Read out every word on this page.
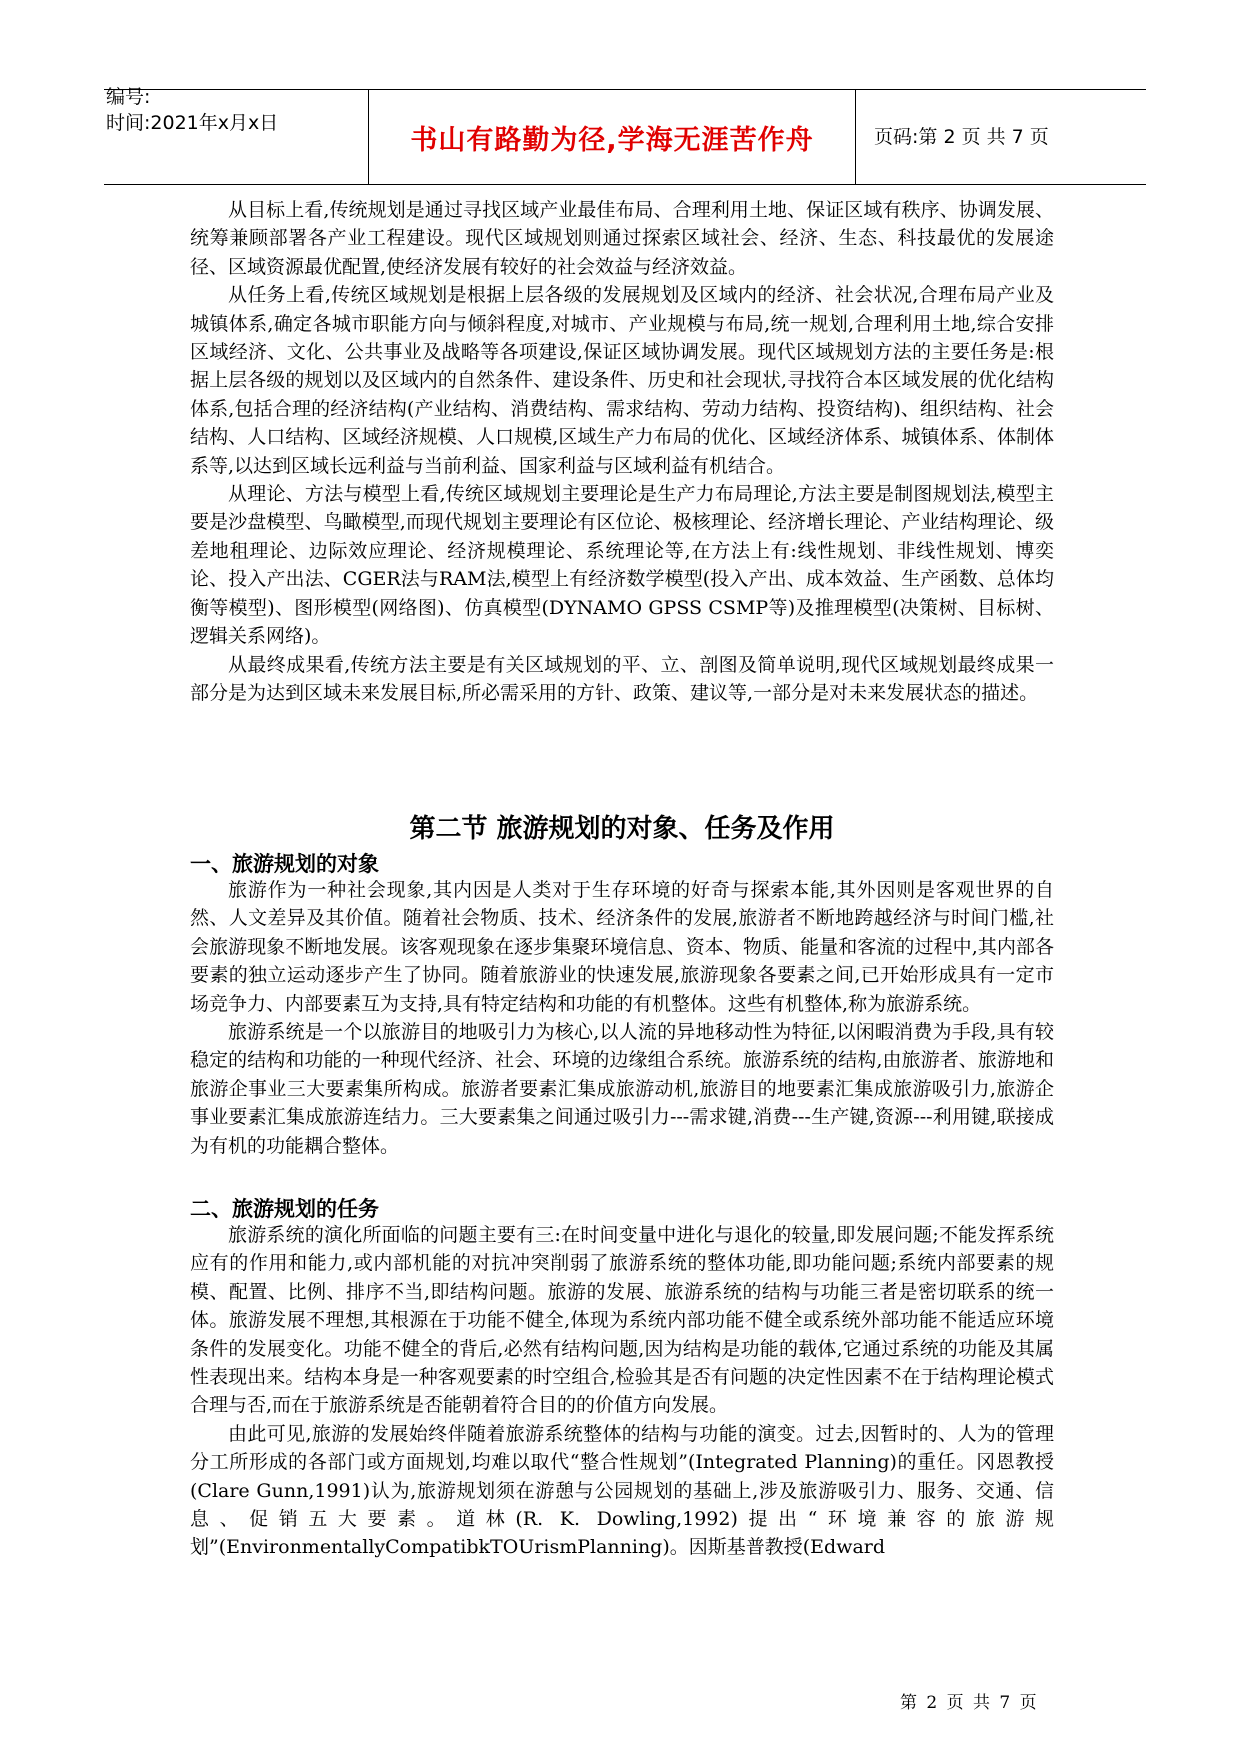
编号:
时间:2021年x月x日
书山有路勤为径,学海无涯苦作舟	页码:第 2 页 共 7 页

从目标上看,传统规划是通过寻找区域产业最佳布局、合理利用土地、保证区域有秩序、协调发展、统筹兼顾部署各产业工程建设。现代区域规划则通过探索区域社会、经济、生态、科技最优的发展途径、区域资源最优配置,使经济发展有较好的社会效益与经济效益。

从任务上看,传统区域规划是根据上层各级的发展规划及区域内的经济、社会状况,合理布局产业及城镇体系,确定各城市职能方向与倾斜程度,对城市、产业规模与布局,统一规划,合理利用土地,综合安排区域经济、文化、公共事业及战略等各项建设,保证区域协调发展。现代区域规划方法的主要任务是:根据上层各级的规划以及区域内的自然条件、建设条件、历史和社会现状,寻找符合本区域发展的优化结构体系,包括合理的经济结构(产业结构、消费结构、需求结构、劳动力结构、投资结构)、组织结构、社会结构、人口结构、区域经济规模、人口规模,区域生产力布局的优化、区域经济体系、城镇体系、体制体系等,以达到区域长远利益与当前利益、国家利益与区域利益有机结合。

从理论、方法与模型上看,传统区域规划主要理论是生产力布局理论,方法主要是制图规划法,模型主要是沙盘模型、鸟瞰模型,而现代规划主要理论有区位论、极核理论、经济增长理论、产业结构理论、级差地租理论、边际效应理论、经济规模理论、系统理论等,在方法上有:线性规划、非线性规划、博奕论、投入产出法、CGER法与RAM法,模型上有经济数学模型(投入产出、成本效益、生产函数、总体均衡等模型)、图形模型(网络图)、仿真模型(DYNAMO GPSS CSMP等)及推理模型(决策树、目标树、逻辑关系网络)。

从最终成果看,传统方法主要是有关区域规划的平、立、剖图及简单说明,现代区域规划最终成果一部分是为达到区域未来发展目标,所必需采用的方针、政策、建议等,一部分是对未来发展状态的描述。

第二节 旅游规划的对象、任务及作用
一、旅游规划的对象

旅游作为一种社会现象,其内因是人类对于生存环境的好奇与探索本能,其外因则是客观世界的自然、人文差异及其价值。随着社会物质、技术、经济条件的发展,旅游者不断地跨越经济与时间门槛,社会旅游现象不断地发展。该客观现象在逐步集聚环境信息、资本、物质、能量和客流的过程中,其内部各要素的独立运动逐步产生了协同。随着旅游业的快速发展,旅游现象各要素之间,已开始形成具有一定市场竞争力、内部要素互为支持,具有特定结构和功能的有机整体。这些有机整体,称为旅游系统。

旅游系统是一个以旅游目的地吸引力为核心,以人流的异地移动性为特征,以闲暇消费为手段,具有较稳定的结构和功能的一种现代经济、社会、环境的边缘组合系统。旅游系统的结构,由旅游者、旅游地和旅游企事业三大要素集所构成。旅游者要素汇集成旅游动机,旅游目的地要素汇集成旅游吸引力,旅游企事业要素汇集成旅游连结力。三大要素集之间通过吸引力---需求键,消费---生产键,资源---利用键,联接成为有机的功能耦合整体。

二、旅游规划的任务

旅游系统的演化所面临的问题主要有三:在时间变量中进化与退化的较量,即发展问题;不能发挥系统应有的作用和能力,或内部机能的对抗冲突削弱了旅游系统的整体功能,即功能问题;系统内部要素的规模、配置、比例、排序不当,即结构问题。旅游的发展、旅游系统的结构与功能三者是密切联系的统一体。旅游发展不理想,其根源在于功能不健全,体现为系统内部功能不健全或系统外部功能不能适应环境条件的发展变化。功能不健全的背后,必然有结构问题,因为结构是功能的载体,它通过系统的功能及其属性表现出来。结构本身是一种客观要素的时空组合,检验其是否有问题的决定性因素不在于结构理论模式合理与否,而在于旅游系统是否能朝着符合目的的价值方向发展。

由此可见,旅游的发展始终伴随着旅游系统整体的结构与功能的演变。过去,因暂时的、人为的管理分工所形成的各部门或方面规划,均难以取代“整合性规划”(Integrated Planning)的重任。冈恩教授(Clare Gunn,1991)认为,旅游规划须在游憩与公园规划的基础上,涉及旅游吸引力、服务、交通、信息、促销五大要素。道林(R. K. Dowling,1992)提出“环境兼容的旅游规划”(EnvironmentallyCompatibkTOUrismPlanning)。因斯基普教授(Edward

第 2 页 共 7 页
